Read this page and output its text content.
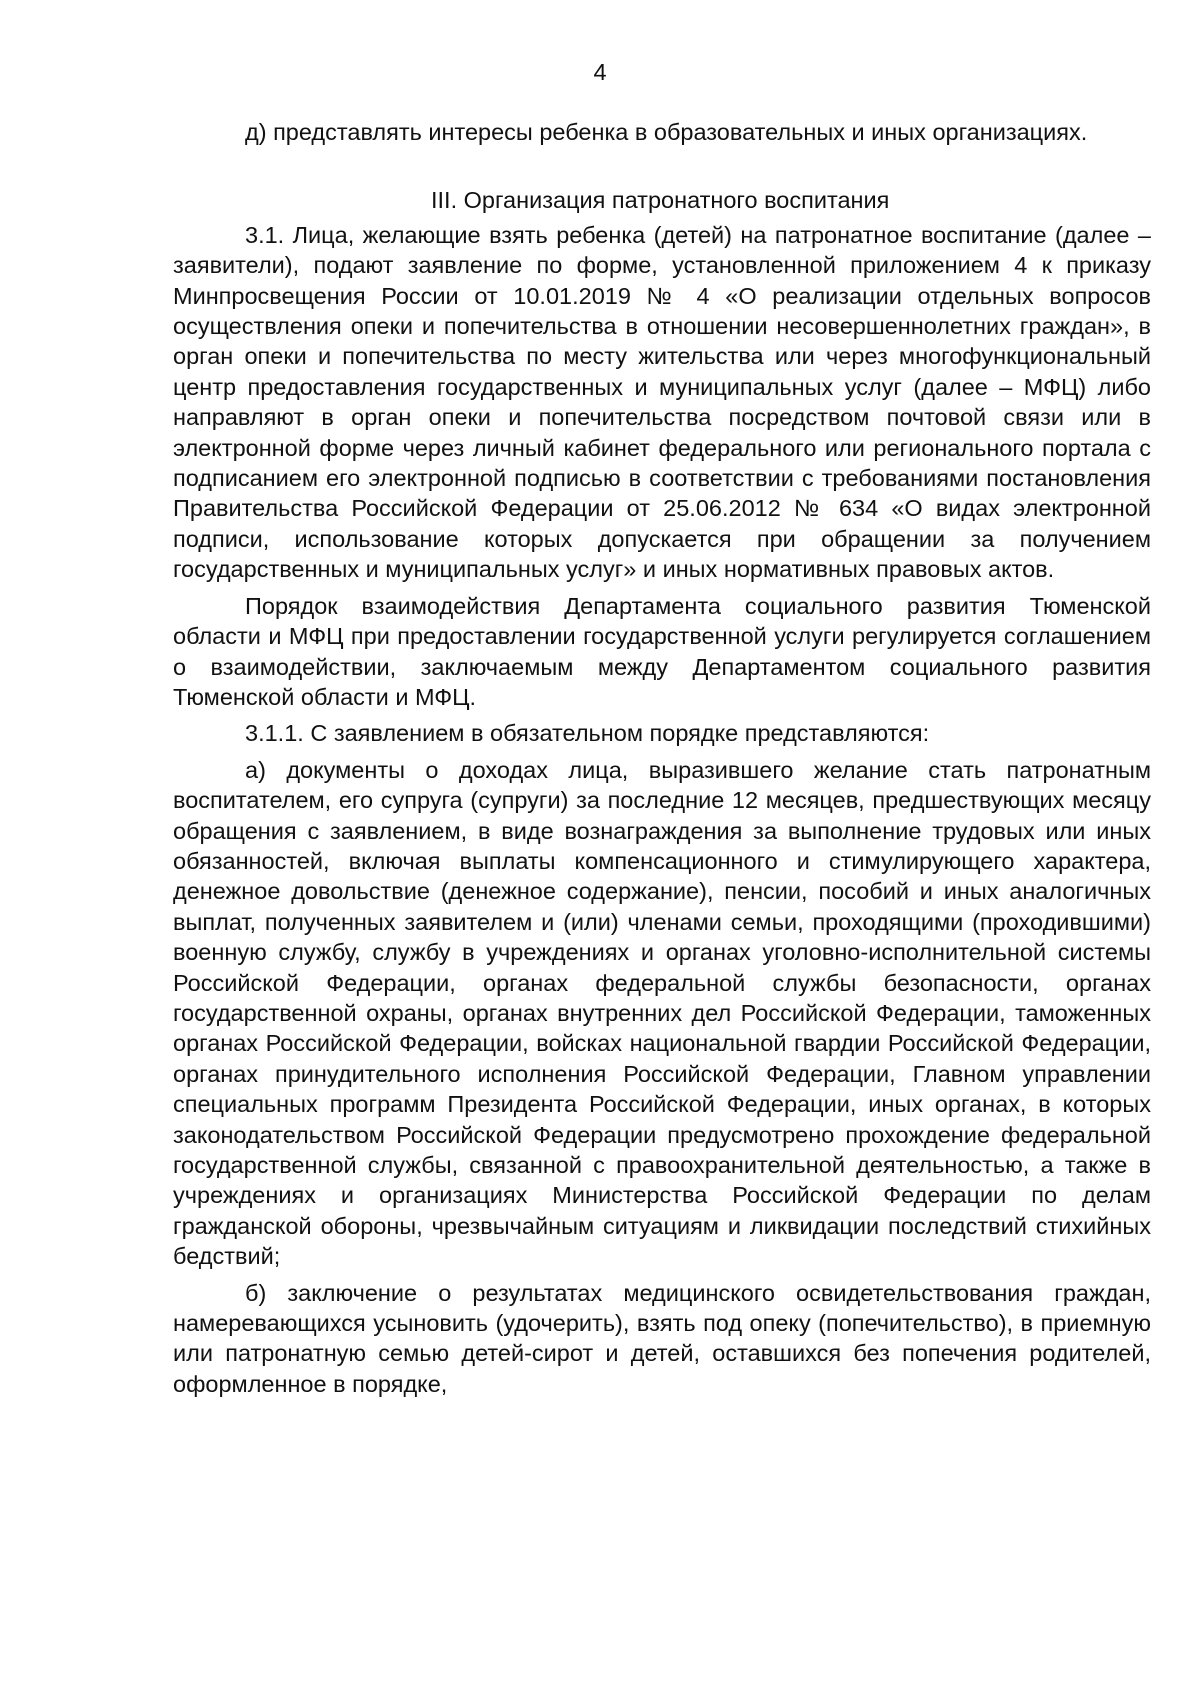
4

д) представлять интересы ребенка в образовательных и иных организациях.

III. Организация патронатного воспитания

3.1. Лица, желающие взять ребенка (детей) на патронатное воспитание (далее – заявители), подают заявление по форме, установленной приложением 4 к приказу Минпросвещения России от 10.01.2019 № 4 «О реализации отдельных вопросов осуществления опеки и попечительства в отношении несовершеннолетних граждан», в орган опеки и попечительства по месту жительства или через многофункциональный центр предоставления государственных и муниципальных услуг (далее – МФЦ) либо направляют в орган опеки и попечительства посредством почтовой связи или в электронной форме через личный кабинет федерального или регионального портала с подписанием его электронной подписью в соответствии с требованиями постановления Правительства Российской Федерации от 25.06.2012 № 634 «О видах электронной подписи, использование которых допускается при обращении за получением государственных и муниципальных услуг» и иных нормативных правовых актов.

Порядок взаимодействия Департамента социального развития Тюменской области и МФЦ при предоставлении государственной услуги регулируется соглашением о взаимодействии, заключаемым между Департаментом социального развития Тюменской области и МФЦ.

3.1.1. С заявлением в обязательном порядке представляются:

а) документы о доходах лица, выразившего желание стать патронатным воспитателем, его супруга (супруги) за последние 12 месяцев, предшествующих месяцу обращения с заявлением, в виде вознаграждения за выполнение трудовых или иных обязанностей, включая выплаты компенсационного и стимулирующего характера, денежное довольствие (денежное содержание), пенсии, пособий и иных аналогичных выплат, полученных заявителем и (или) членами семьи, проходящими (проходившими) военную службу, службу в учреждениях и органах уголовно-исполнительной системы Российской Федерации, органах федеральной службы безопасности, органах государственной охраны, органах внутренних дел Российской Федерации, таможенных органах Российской Федерации, войсках национальной гвардии Российской Федерации, органах принудительного исполнения Российской Федерации, Главном управлении специальных программ Президента Российской Федерации, иных органах, в которых законодательством Российской Федерации предусмотрено прохождение федеральной государственной службы, связанной с правоохранительной деятельностью, а также в учреждениях и организациях Министерства Российской Федерации по делам гражданской обороны, чрезвычайным ситуациям и ликвидации последствий стихийных бедствий;

б) заключение о результатах медицинского освидетельствования граждан, намеревающихся усыновить (удочерить), взять под опеку (попечительство), в приемную или патронатную семью детей-сирот и детей, оставшихся без попечения родителей, оформленное в порядке,
